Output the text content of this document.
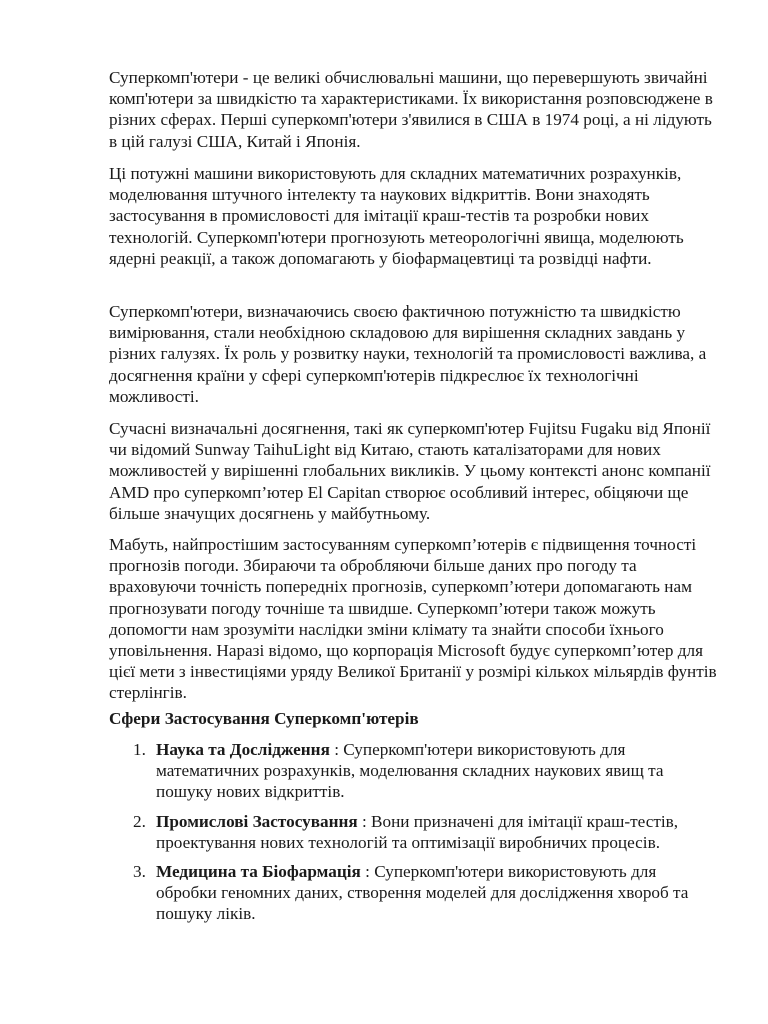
Суперкомп'ютери - це великі обчислювальні машини, що перевершують звичайні комп'ютери за швидкістю та характеристиками. Їх використання розповсюджене в різних сферах. Перші суперкомп'ютери з'явилися в США в 1974 році, а ні лідують в цій галузі США, Китай і Японія.

Ці потужні машини використовують для складних математичних розрахунків, моделювання штучного інтелекту та наукових відкриттів. Вони знаходять застосування в промисловості для імітації краш-тестів та розробки нових технологій. Суперкомп'ютери прогнозують метеорологічні явища, моделюють ядерні реакції, а також допомагають у біофармацевтиці та розвідці нафти.

Суперкомп'ютери, визначаючись своєю фактичною потужністю та швидкістю вимірювання, стали необхідною складовою для вирішення складних завдань у різних галузях. Їх роль у розвитку науки, технологій та промисловості важлива, а досягнення країни у сфері суперкомп'ютерів підкреслює їх технологічні можливості.

Сучасні визначальні досягнення, такі як суперкомп'ютер Fujitsu Fugaku від Японії чи відомий Sunway TaihuLight від Китаю, стають каталізаторами для нових можливостей у вирішенні глобальних викликів. У цьому контексті анонс компанії AMD про суперкомп’ютер El Capitan створює особливий інтерес, обіцяючи ще більше значущих досягнень у майбутньому.

Мабуть, найпростішим застосуванням суперкомп’ютерів є підвищення точності прогнозів погоди. Збираючи та обробляючи більше даних про погоду та враховуючи точність попередніх прогнозів, суперкомп’ютери допомагають нам прогнозувати погоду точніше та швидше. Суперкомп’ютери також можуть допомогти нам зрозуміти наслідки зміни клімату та знайти способи їхнього уповільнення. Наразі відомо, що корпорація Microsoft будує суперкомп’ютер для цієї мети з інвестиціями уряду Великої Британії у розмірі кількох мільярдів фунтів стерлінгів.

Сфери Застосування Суперкомп'ютерів

1. Наука та Дослідження : Суперкомп'ютери використовують для математичних розрахунків, моделювання складних наукових явищ та пошуку нових відкриттів.
2. Промислові Застосування : Вони призначені для імітації краш-тестів, проектування нових технологій та оптимізації виробничих процесів.
3. Медицина та Біофармація : Суперкомп'ютери використовують для обробки геномних даних, створення моделей для дослідження хвороб та пошуку ліків.
